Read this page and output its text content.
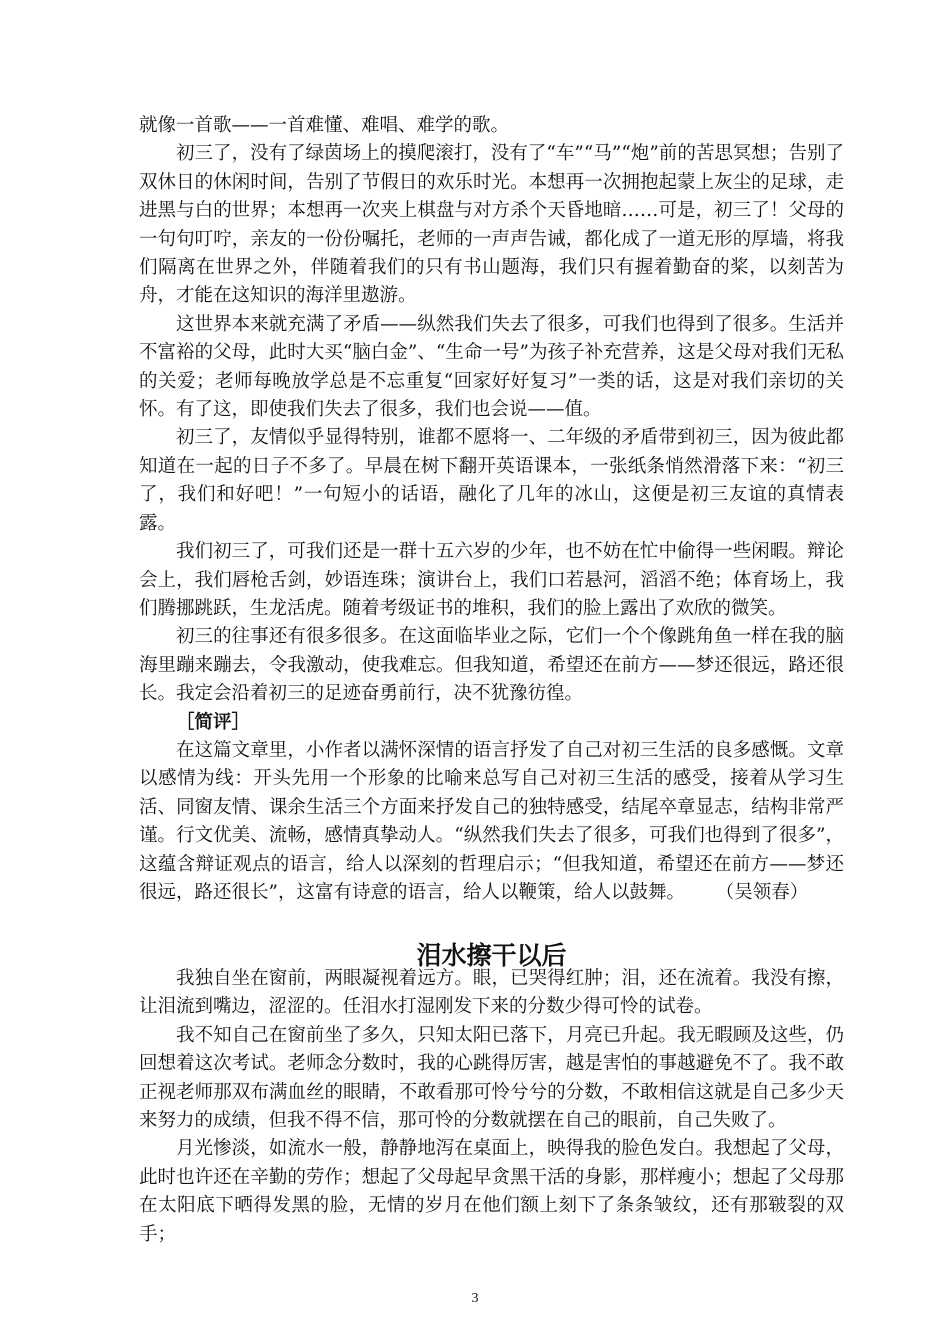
就像一首歌——一首难懂、难唱、难学的歌。

初三了，没有了绿茵场上的摸爬滚打，没有了“车”“马”“炮”前的苦思冥想；告别了双休日的休闲时间，告别了节假日的欢乐时光。本想再一次拥抱起蒙上灰尘的足球，走进黑与白的世界；本想再一次夹上棋盘与对方杀个天昏地暗……可是，初三了！父母的一句句叮咛，亲友的一份份嘱托，老师的一声声告诫，都化成了一道无形的厚墙，将我们隔离在世界之外，伴随着我们的只有书山题海，我们只有握着勤奋的桨，以刻苦为舟，才能在这知识的海洋里遨游。

这世界本来就充满了矛盾——纵然我们失去了很多，可我们也得到了很多。生活并不富裕的父母，此时大买“脑白金”、“生命一号”为孩子补充营养，这是父母对我们无私的关爱；老师每晚放学总是不忘重复“回家好好复习”一类的话，这是对我们亲切的关怀。有了这，即使我们失去了很多，我们也会说——值。

初三了，友情似乎显得特别，谁都不愿将一、二年级的矛盾带到初三，因为彼此都知道在一起的日子不多了。早晨在树下翻开英语课本，一张纸条悄然滑落下来：“初三了，我们和好吧！”一句短小的话语，融化了几年的冰山，这便是初三友谊的真情表露。

我们初三了，可我们还是一群十五六岁的少年，也不妨在忙中偷得一些闲暇。辩论会上，我们唇枪舌剑，妙语连珠；演讲台上，我们口若悬河，滔滔不绝；体育场上，我们腾挪跳跃，生龙活虎。随着考级证书的堆积，我们的脸上露出了欢欣的微笑。

初三的往事还有很多很多。在这面临毕业之际，它们一个个像跳角鱼一样在我的脑海里蹦来蹦去，令我激动，使我难忘。但我知道，希望还在前方——梦还很远，路还很长。我定会沿着初三的足迹奋勇前行，决不犹豫彷徨。

［简评］

在这篇文章里，小作者以满怀深情的语言抒发了自己对初三生活的良多感慨。文章以感情为线：开头先用一个形象的比喻来总写自己对初三生活的感受，接着从学习生活、同窗友情、课余生活三个方面来抒发自己的独特感受，结尾卒章显志，结构非常严谨。行文优美、流畅，感情真挚动人。“纵然我们失去了很多，可我们也得到了很多”，这蕴含辩证观点的语言，给人以深刻的哲理启示；“但我知道，希望还在前方——梦还很远，路还很长”，这富有诗意的语言，给人以鞭策，给人以鼓舞。 （吴领春）

泪水擦干以后

我独自坐在窗前，两眼凝视着远方。眼，已哭得红肿；泪，还在流着。我没有擦，让泪流到嘴边，涩涩的。任泪水打湿刚发下来的分数少得可怜的试卷。

我不知自己在窗前坐了多久，只知太阳已落下，月亮已升起。我无暇顾及这些，仍回想着这次考试。老师念分数时，我的心跳得厉害，越是害怕的事越避免不了。我不敢正视老师那双布满血丝的眼睛，不敢看那可怜兮兮的分数，不敢相信这就是自己多少天来努力的成绩，但我不得不信，那可怜的分数就摆在自己的眼前，自己失败了。

月光惨淡，如流水一般，静静地泻在桌面上，映得我的脸色发白。我想起了父母，此时也许还在辛勤的劳作；想起了父母起早贪黑干活的身影，那样瘦小；想起了父母那在太阳底下晒得发黑的脸，无情的岁月在他们额上刻下了条条皱纹，还有那皲裂的双手；

3
